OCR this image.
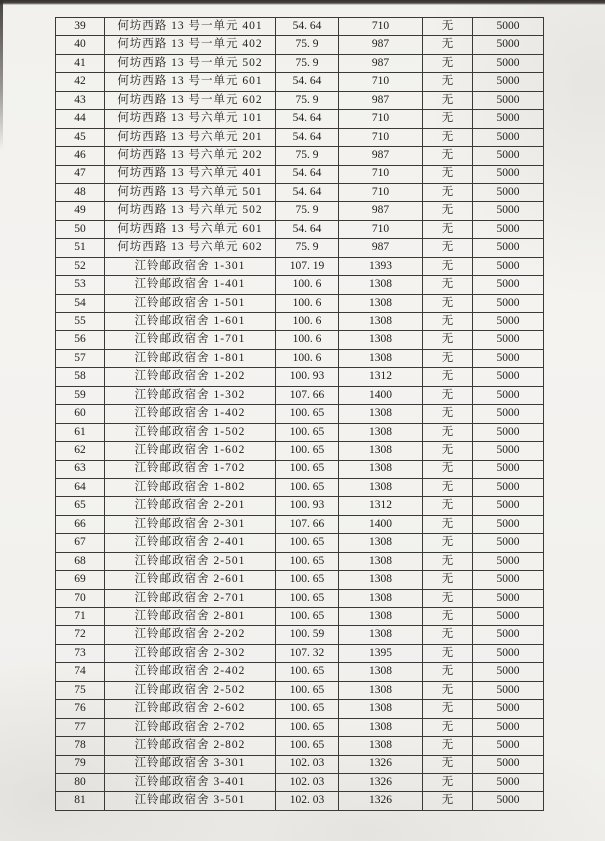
39	何坊西路 13 号一单元 401	54. 64	710	无	5000
40	何坊西路 13 号一单元 402	75. 9	987	无	5000
41	何坊西路 13 号一单元 502	75. 9	987	无	5000
42	何坊西路 13 号一单元 601	54. 64	710	无	5000
43	何坊西路 13 号一单元 602	75. 9	987	无	5000
44	何坊西路 13 号六单元 101	54. 64	710	无	5000
45	何坊西路 13 号六单元 201	54. 64	710	无	5000
46	何坊西路 13 号六单元 202	75. 9	987	无	5000
47	何坊西路 13 号六单元 401	54. 64	710	无	5000
48	何坊西路 13 号六单元 501	54. 64	710	无	5000
49	何坊西路 13 号六单元 502	75. 9	987	无	5000
50	何坊西路 13 号六单元 601	54. 64	710	无	5000
51	何坊西路 13 号六单元 602	75. 9	987	无	5000
52	江铃邮政宿舍 1-301	107. 19	1393	无	5000
53	江铃邮政宿舍 1-401	100. 6	1308	无	5000
54	江铃邮政宿舍 1-501	100. 6	1308	无	5000
55	江铃邮政宿舍 1-601	100. 6	1308	无	5000
56	江铃邮政宿舍 1-701	100. 6	1308	无	5000
57	江铃邮政宿舍 1-801	100. 6	1308	无	5000
58	江铃邮政宿舍 1-202	100. 93	1312	无	5000
59	江铃邮政宿舍 1-302	107. 66	1400	无	5000
60	江铃邮政宿舍 1-402	100. 65	1308	无	5000
61	江铃邮政宿舍 1-502	100. 65	1308	无	5000
62	江铃邮政宿舍 1-602	100. 65	1308	无	5000
63	江铃邮政宿舍 1-702	100. 65	1308	无	5000
64	江铃邮政宿舍 1-802	100. 65	1308	无	5000
65	江铃邮政宿舍 2-201	100. 93	1312	无	5000
66	江铃邮政宿舍 2-301	107. 66	1400	无	5000
67	江铃邮政宿舍 2-401	100. 65	1308	无	5000
68	江铃邮政宿舍 2-501	100. 65	1308	无	5000
69	江铃邮政宿舍 2-601	100. 65	1308	无	5000
70	江铃邮政宿舍 2-701	100. 65	1308	无	5000
71	江铃邮政宿舍 2-801	100. 65	1308	无	5000
72	江铃邮政宿舍 2-202	100. 59	1308	无	5000
73	江铃邮政宿舍 2-302	107. 32	1395	无	5000
74	江铃邮政宿舍 2-402	100. 65	1308	无	5000
75	江铃邮政宿舍 2-502	100. 65	1308	无	5000
76	江铃邮政宿舍 2-602	100. 65	1308	无	5000
77	江铃邮政宿舍 2-702	100. 65	1308	无	5000
78	江铃邮政宿舍 2-802	100. 65	1308	无	5000
79	江铃邮政宿舍 3-301	102. 03	1326	无	5000
80	江铃邮政宿舍 3-401	102. 03	1326	无	5000
81	江铃邮政宿舍 3-501	102. 03	1326	无	5000
